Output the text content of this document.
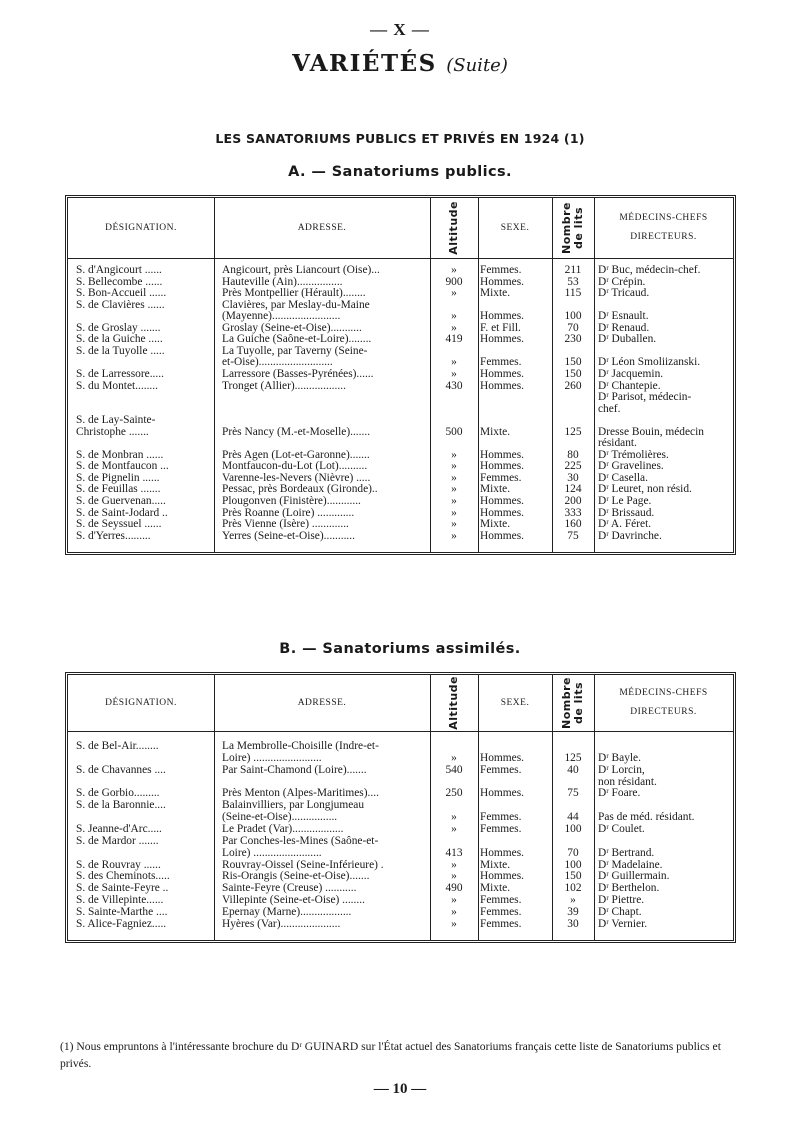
— X —
VARIÉTÉS (Suite)
LES SANATORIUMS PUBLICS ET PRIVÉS EN 1924 (1)
A. — Sanatoriums publics.
DÉSIGNATION.	ADRESSE.	Altitude	SEXE.	Nombre de lits	MÉDECINS-CHEFS
DIRECTEURS.
S. d'Angicourt ......	Angicourt, près Liancourt (Oise)...	»	Femmes.	211	Dʳ Buc, médecin-chef.
S. Bellecombe ......	Hauteville (Ain)................	900	Hommes.	53	Dʳ Crépin.
S. Bon-Accueil ......	Près Montpellier (Hérault)........	»	Mixte.	115	Dʳ Tricaud.
S. de Clavières ......	Clavières, par Meslay-du-Maine
(Mayenne)........................	»	Hommes.	100	Dʳ Esnault.
S. de Groslay .......	Groslay (Seine-et-Oise)...........	»	F. et Fill.	70	Dʳ Renaud.
S. de la Guiche .....	La Guiche (Saône-et-Loire)........	419	Hommes.	230	Dʳ Duballen.
S. de la Tuyolle .....	La Tuyolle, par Taverny (Seine-
et-Oise)..........................	»	Femmes.	150	Dʳ Léon Smoliizanski.
S. de Larressore.....	Larressore (Basses-Pyrénées)......	»	Hommes.	150	Dʳ Jacquemin.
S. du Montet........	Tronget (Allier)..................	430	Hommes.	260	Dʳ Chantepie.
Dʳ Parisot, médecin-
chef.
S. de Lay-Sainte-
Christophe .......	Près Nancy (M.-et-Moselle).......	500	Mixte.	125	Dresse Bouin, médecin
résidant.
S. de Monbran ......	Près Agen (Lot-et-Garonne).......	»	Hommes.	80	Dʳ Trémolières.
S. de Montfaucon ...	Montfaucon-du-Lot (Lot)..........	»	Hommes.	225	Dʳ Gravelines.
S. de Pignelin ......	Varenne-les-Nevers (Nièvre) .....	»	Femmes.	30	Dʳ Casella.
S. de Feuillas .......	Pessac, près Bordeaux (Gironde)..	»	Mixte.	124	Dʳ Leuret, non résid.
S. de Guervenan.....	Plougonven (Finistère)............	»	Hommes.	200	Dʳ Le Page.
S. de Saint-Jodard ..	Près Roanne (Loire) .............	»	Hommes.	333	Dʳ Brissaud.
S. de Seyssuel ......	Près Vienne (Isère) .............	»	Mixte.	160	Dʳ A. Féret.
S. d'Yerres.........	Yerres (Seine-et-Oise)...........	»	Hommes.	75	Dʳ Davrinche.
B. — Sanatoriums assimilés.
DÉSIGNATION.	ADRESSE.	Altitude	SEXE.	Nombre de lits	MÉDECINS-CHEFS
DIRECTEURS.
S. de Bel-Air........	La Membrolle-Choisille (Indre-et-
Loire) ........................	»	Hommes.	125	Dʳ Bayle.
S. de Chavannes ....	Par Saint-Chamond (Loire).......	540	Femmes.	40	Dʳ Lorcin,
non résidant.
S. de Gorbio.........	Près Menton (Alpes-Maritimes)....	250	Hommes.	75	Dʳ Foare.
S. de la Baronnie....	Balainvilliers, par Longjumeau
(Seine-et-Oise)................	»	Femmes.	44	Pas de méd. résidant.
S. Jeanne-d'Arc.....	Le Pradet (Var)..................	»	Femmes.	100	Dʳ Coulet.
S. de Mardor .......	Par Conches-les-Mines (Saône-et-
Loire) ........................	413	Hommes.	70	Dʳ Bertrand.
S. de Rouvray ......	Rouvray-Oissel (Seine-Inférieure) .	»	Mixte.	100	Dʳ Madelaine.
S. des Cheminots.....	Ris-Orangis (Seine-et-Oise).......	»	Hommes.	150	Dʳ Guillermain.
S. de Sainte-Feyre ..	Sainte-Feyre (Creuse) ...........	490	Mixte.	102	Dʳ Berthelon.
S. de Villepinte......	Villepinte (Seine-et-Oise) ........	»	Femmes.	»	Dʳ Piettre.
S. Sainte-Marthe ....	Epernay (Marne)..................	»	Femmes.	39	Dʳ Chapt.
S. Alice-Fagniez.....	Hyères (Var).....................	»	Femmes.	30	Dʳ Vernier.
(1) Nous empruntons à l'intéressante brochure du Dʳ GUINARD sur l'État actuel des Sanatoriums français cette liste de Sanatoriums publics et privés.
— 10 —
